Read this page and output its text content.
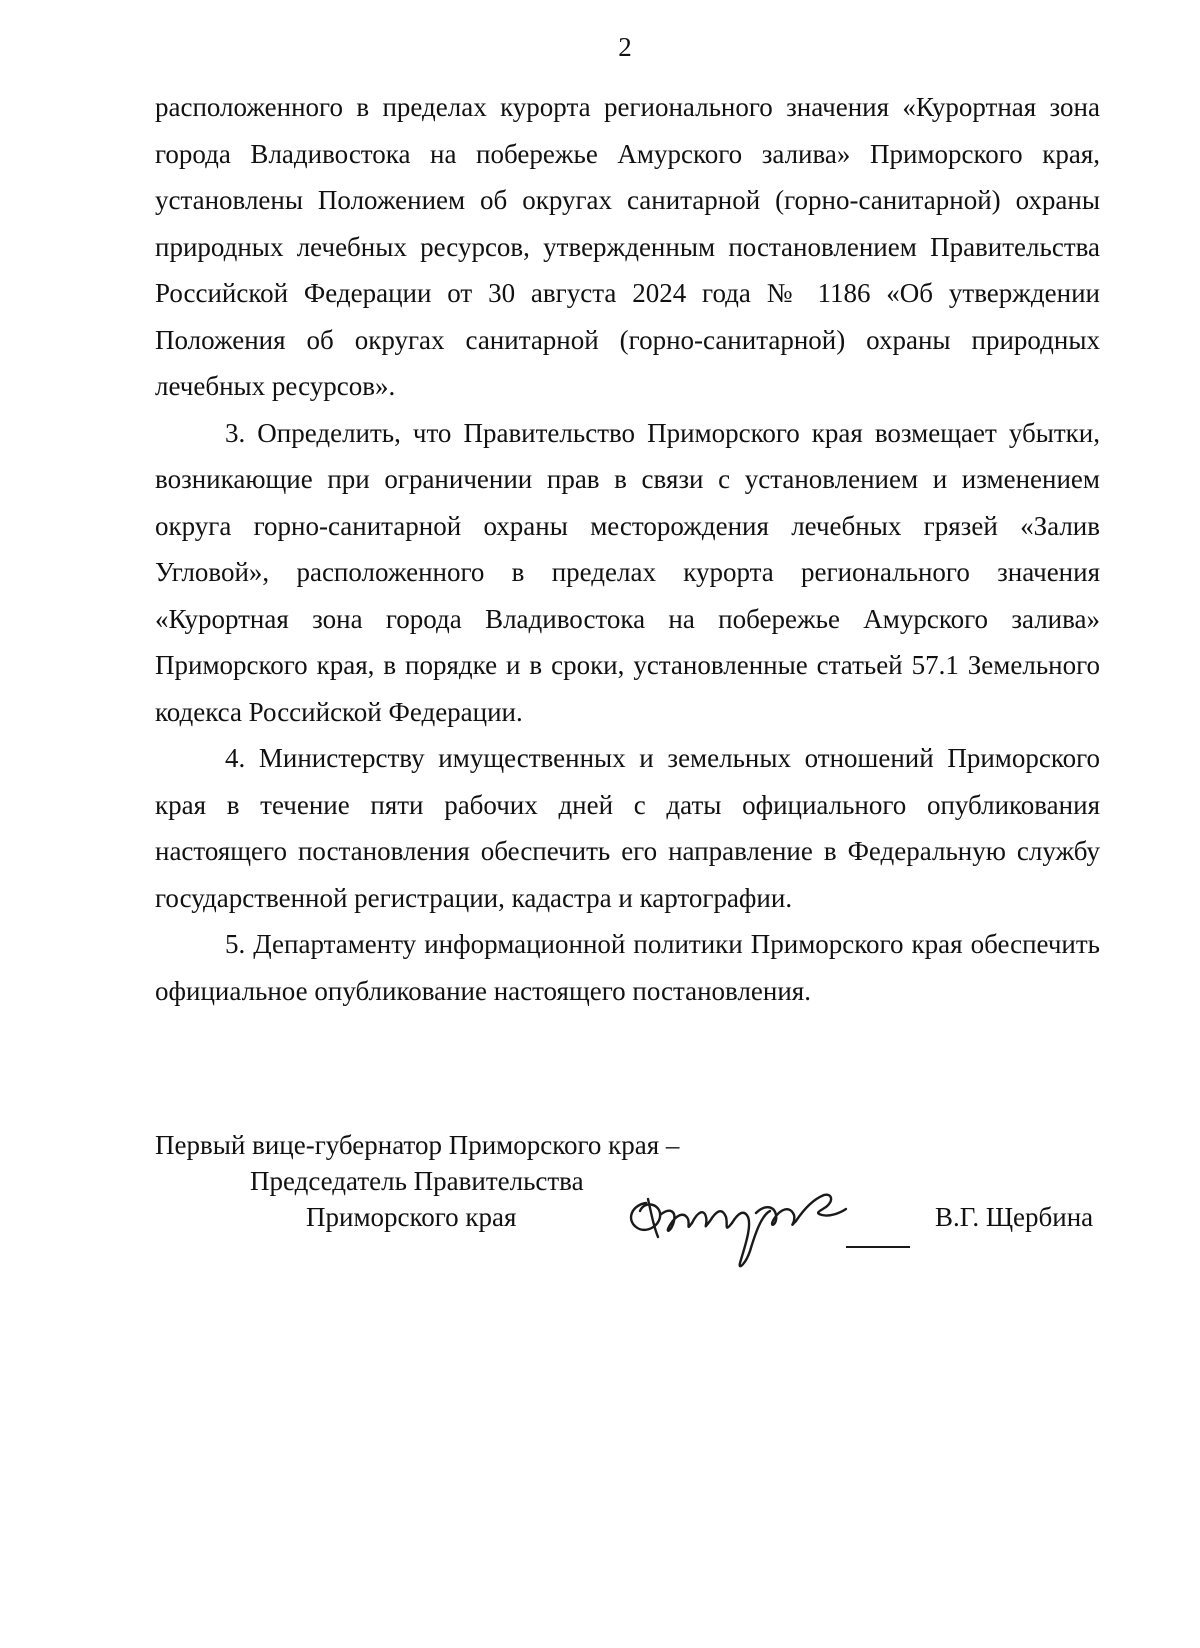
2

расположенного в пределах курорта регионального значения «Курортная зона города Владивостока на побережье Амурского залива» Приморского края, установлены Положением об округах санитарной (горно-санитарной) охраны природных лечебных ресурсов, утвержденным постановлением Правительства Российской Федерации от 30 августа 2024 года № 1186 «Об утверждении Положения об округах санитарной (горно-санитарной) охраны природных лечебных ресурсов».

3. Определить, что Правительство Приморского края возмещает убытки, возникающие при ограничении прав в связи с установлением и изменением округа горно-санитарной охраны месторождения лечебных грязей «Залив Угловой», расположенного в пределах курорта регионального значения «Курортная зона города Владивостока на побережье Амурского залива» Приморского края, в порядке и в сроки, установленные статьей 57.1 Земельного кодекса Российской Федерации.

4. Министерству имущественных и земельных отношений Приморского края в течение пяти рабочих дней с даты официального опубликования настоящего постановления обеспечить его направление в Федеральную службу государственной регистрации, кадастра и картографии.

5. Департаменту информационной политики Приморского края обеспечить официальное опубликование настоящего постановления.

Первый вице-губернатор Приморского края –
Председатель Правительства
Приморского края	В.Г. Щербина
